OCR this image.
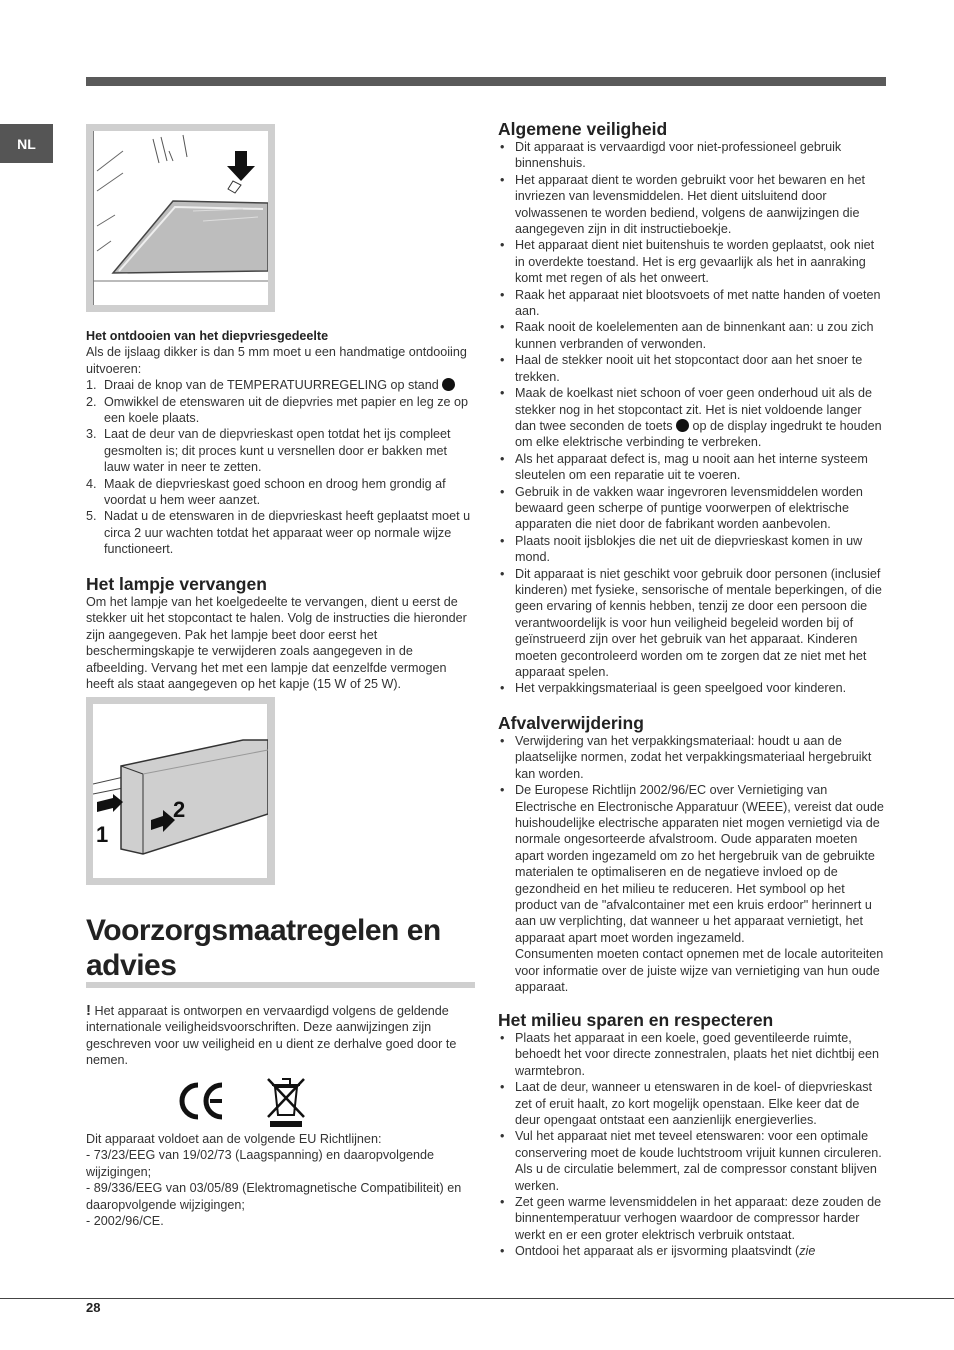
NL

Het ontdooien van het diepvriesgedeelte

Als de ijslaag dikker is dan 5 mm moet u een handmatige ontdooiing uitvoeren:

1. Draai de knop van de TEMPERATUURREGELING op stand
2. Omwikkel de etenswaren uit de diepvries met papier en leg ze op een koele plaats.
3. Laat de deur van de diepvrieskast open totdat het ijs compleet gesmolten is; dit proces kunt u versnellen door er bakken met lauw water in neer te zetten.
4. Maak de diepvrieskast goed schoon en droog hem grondig af voordat u hem weer aanzet.
5. Nadat u de etenswaren in de diepvrieskast heeft geplaatst moet u circa 2 uur wachten totdat het apparaat weer op normale wijze functioneert.
Het lampje vervangen

Om het lampje van het koelgedeelte te vervangen, dient u eerst de stekker uit het stopcontact te halen. Volg de instructies die hieronder zijn aangegeven. Pak het lampje beet door eerst het beschermingskapje te verwijderen zoals aangegeven in de afbeelding. Vervang het met een lampje dat eenzelfde vermogen heeft als staat aangegeven op het kapje (15 W of 25 W).

2
1
Voorzorgsmaatregelen en advies

! Het apparaat is ontworpen en vervaardigd volgens de geldende internationale veiligheidsvoorschriften. Deze aanwijzingen zijn geschreven voor uw veiligheid en u dient ze derhalve goed door te nemen.

Dit apparaat voldoet aan de volgende EU Richtlijnen:

- 73/23/EEG van 19/02/73 (Laagspanning) en daaropvolgende wijzigingen;

- 89/336/EEG van 03/05/89 (Elektromagnetische Compatibiliteit) en daaropvolgende wijzigingen;

- 2002/96/CE.

Algemene veiligheid
• Dit apparaat is vervaardigd voor niet-professioneel gebruik binnenshuis.
• Het apparaat dient te worden gebruikt voor het bewaren en het invriezen van levensmiddelen. Het dient uitsluitend door volwassenen te worden bediend, volgens de aanwijzingen die aangegeven zijn in dit instructieboekje.
• Het apparaat dient niet buitenshuis te worden geplaatst, ook niet in overdekte toestand. Het is erg gevaarlijk als het in aanraking komt met regen of als het onweert.
• Raak het apparaat niet blootsvoets of met natte handen of voeten aan.
• Raak nooit de koelelementen aan de binnenkant aan: u zou zich kunnen verbranden of verwonden.
• Haal de stekker nooit uit het stopcontact door aan het snoer te trekken.
• Maak de koelkast niet schoon of voer geen onderhoud uit als de stekker nog in het stopcontact zit. Het is niet voldoende langer dan twee seconden de toets op de display ingedrukt te houden om elke elektrische verbinding te verbreken.
• Als het apparaat defect is, mag u nooit aan het interne systeem sleutelen om een reparatie uit te voeren.
• Gebruik in de vakken waar ingevroren levensmiddelen worden bewaard geen scherpe of puntige voorwerpen of elektrische apparaten die niet door de fabrikant worden aanbevolen.
• Plaats nooit ijsblokjes die net uit de diepvrieskast komen in uw mond.
• Dit apparaat is niet geschikt voor gebruik door personen (inclusief kinderen) met fysieke, sensorische of mentale beperkingen, of die geen ervaring of kennis hebben, tenzij ze door een persoon die verantwoordelijk is voor hun veiligheid begeleid worden bij of geïnstrueerd zijn over het gebruik van het apparaat. Kinderen moeten gecontroleerd worden om te zorgen dat ze niet met het apparaat spelen.
• Het verpakkingsmateriaal is geen speelgoed voor kinderen.
Afvalverwijdering
• Verwijdering van het verpakkingsmateriaal: houdt u aan de plaatselijke normen, zodat het verpakkingsmateriaal hergebruikt kan worden.
• De Europese Richtlijn 2002/96/EC over Vernietiging van Electrische en Electronische Apparatuur (WEEE), vereist dat oude huishoudelijke electrische apparaten niet mogen vernietigd via de normale ongesorteerde afvalstroom. Oude apparaten moeten apart worden ingezameld om zo het hergebruik van de gebruikte materialen te optimaliseren en de negatieve invloed op de gezondheid en het milieu te reduceren. Het symbool op het product van de "afvalcontainer met een kruis erdoor" herinnert u aan uw verplichting, dat wanneer u het apparaat vernietigt, het apparaat apart moet worden ingezameld.
Consumenten moeten contact opnemen met de locale autoriteiten voor informatie over de juiste wijze van vernietiging van hun oude apparaat.
Het milieu sparen en respecteren
• Plaats het apparaat in een koele, goed geventileerde ruimte, behoedt het voor directe zonnestralen, plaats het niet dichtbij een warmtebron.
• Laat de deur, wanneer u etenswaren in de koel- of diepvrieskast zet of eruit haalt, zo kort mogelijk openstaan. Elke keer dat de deur opengaat ontstaat een aanzienlijk energieverlies.
• Vul het apparaat niet met teveel etenswaren: voor een optimale conservering moet de koude luchtstroom vrijuit kunnen circuleren. Als u de circulatie belemmert, zal de compressor constant blijven werken.
• Zet geen warme levensmiddelen in het apparaat: deze zouden de binnentemperatuur verhogen waardoor de compressor harder werkt en er een groter elektrisch verbruik ontstaat.
• Ontdooi het apparaat als er ijsvorming plaatsvindt (zie
28
